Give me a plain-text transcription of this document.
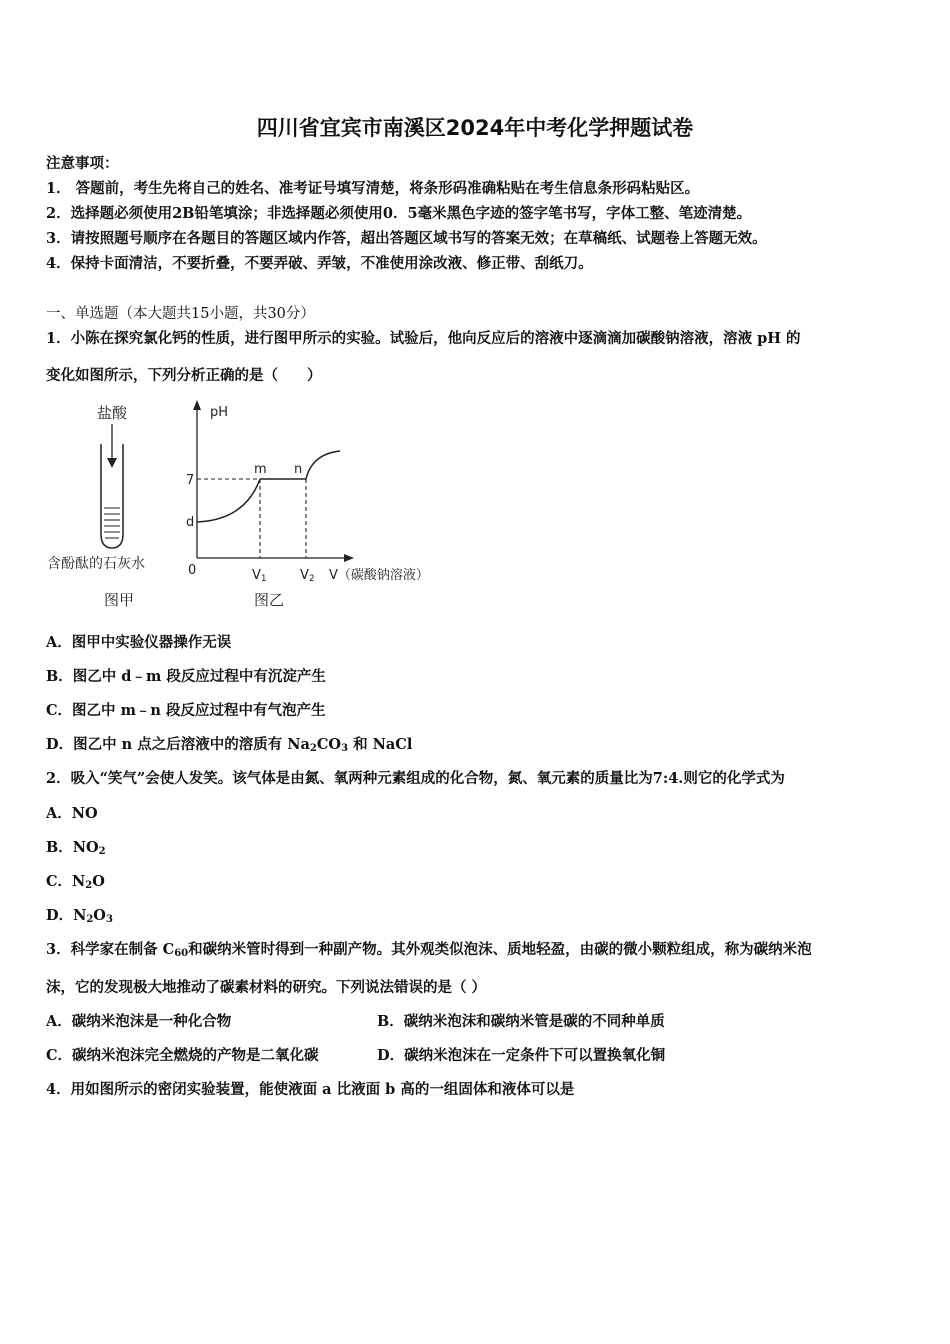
四川省宜宾市南溪区2024年中考化学押题试卷
注意事项：
1． 答题前，考生先将自己的姓名、准考证号填写清楚，将条形码准确粘贴在考生信息条形码粘贴区。
2．选择题必须使用2B铅笔填涂；非选择题必须使用0．5毫米黑色字迹的签字笔书写，字体工整、笔迹清楚。
3．请按照题号顺序在各题目的答题区域内作答，超出答题区域书写的答案无效；在草稿纸、试题卷上答题无效。
4．保持卡面清洁，不要折叠，不要弄破、弄皱，不准使用涂改液、修正带、刮纸刀。
一、单选题（本大题共15小题，共30分）
1．小陈在探究氯化钙的性质，进行图甲所示的实验。试验后，他向反应后的溶液中逐滴滴加碳酸钠溶液，溶液 pH 的
变化如图所示，下列分析正确的是（　　）
盐酸
含酚酞的石灰水
图甲
pH
7
d
0
m n
V1	V2 V（碳酸钠溶液）
图乙
A．图甲中实验仪器操作无误
B．图乙中 d﹣m 段反应过程中有沉淀产生
C．图乙中 m﹣n 段反应过程中有气泡产生
D．图乙中 n 点之后溶液中的溶质有 $Na_2CO_3$ 和 NaCl
2．吸入“笑气”会使人发笑。该气体是由氮、氧两种元素组成的化合物，氮、氧元素的质量比为7:4.则它的化学式为
A．NO
B．$NO_2$
C．$N_2O$
D．$N_2O_3$
3．科学家在制备 $C_{60}$和碳纳米管时得到一种副产物。其外观类似泡沫、质地轻盈，由碳的微小颗粒组成，称为碳纳米泡
沫，它的发现极大地推动了碳素材料的研究。下列说法错误的是（ ）
A．碳纳米泡沫是一种化合物	B．碳纳米泡沫和碳纳米管是碳的不同种单质
C．碳纳米泡沫完全燃烧的产物是二氧化碳	D．碳纳米泡沫在一定条件下可以置换氧化铜
4．用如图所示的密闭实验装置，能使液面 a 比液面 b 高的一组固体和液体可以是
